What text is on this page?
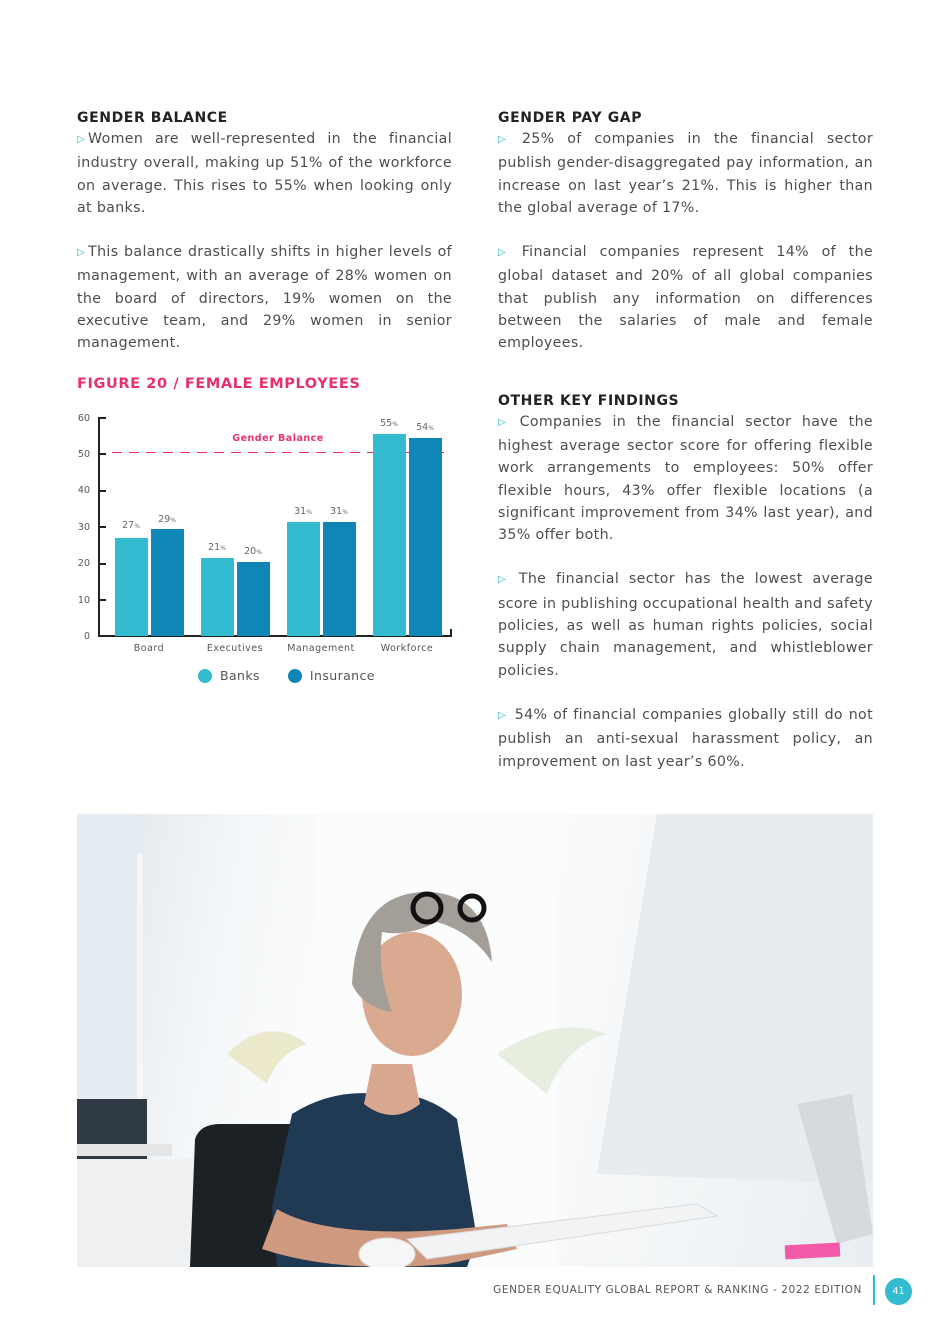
GENDER BALANCE

▷ Women are well-represented in the financial industry overall, making up 51% of the workforce on average. This rises to 55% when looking only at banks.

▷ This balance drastically shifts in higher levels of management, with an average of 28% women on the board of directors, 19% women on the executive team, and 29% women in senior management.

FIGURE 20 / FEMALE EMPLOYEES
0
10
20
30
40
50
60
Gender Balance
27%
29%
21%	20%
31%	31%
55%	54%
Board	Executives	Management	Workforce
Banks	Insurance
GENDER PAY GAP

▷ 25% of companies in the financial sector publish gender-disaggregated pay information, an increase on last year’s 21%. This is higher than the global average of 17%.

▷ Financial companies represent 14% of the global dataset and 20% of all global companies that publish any information on differences between the salaries of male and female employees.

OTHER KEY FINDINGS

▷ Companies in the financial sector have the highest average sector score for offering flexible work arrangements to employees: 50% offer flexible hours, 43% offer flexible locations (a significant improvement from 34% last year), and 35% offer both.

▷ The financial sector has the lowest average score in publishing occupational health and safety policies, as well as human rights policies, social supply chain management, and whistleblower policies.

▷ 54% of financial companies globally still do not publish an anti-sexual harassment policy, an improvement on last year’s 60%.

GENDER EQUALITY GLOBAL REPORT & RANKING - 2022 EDITION	41
